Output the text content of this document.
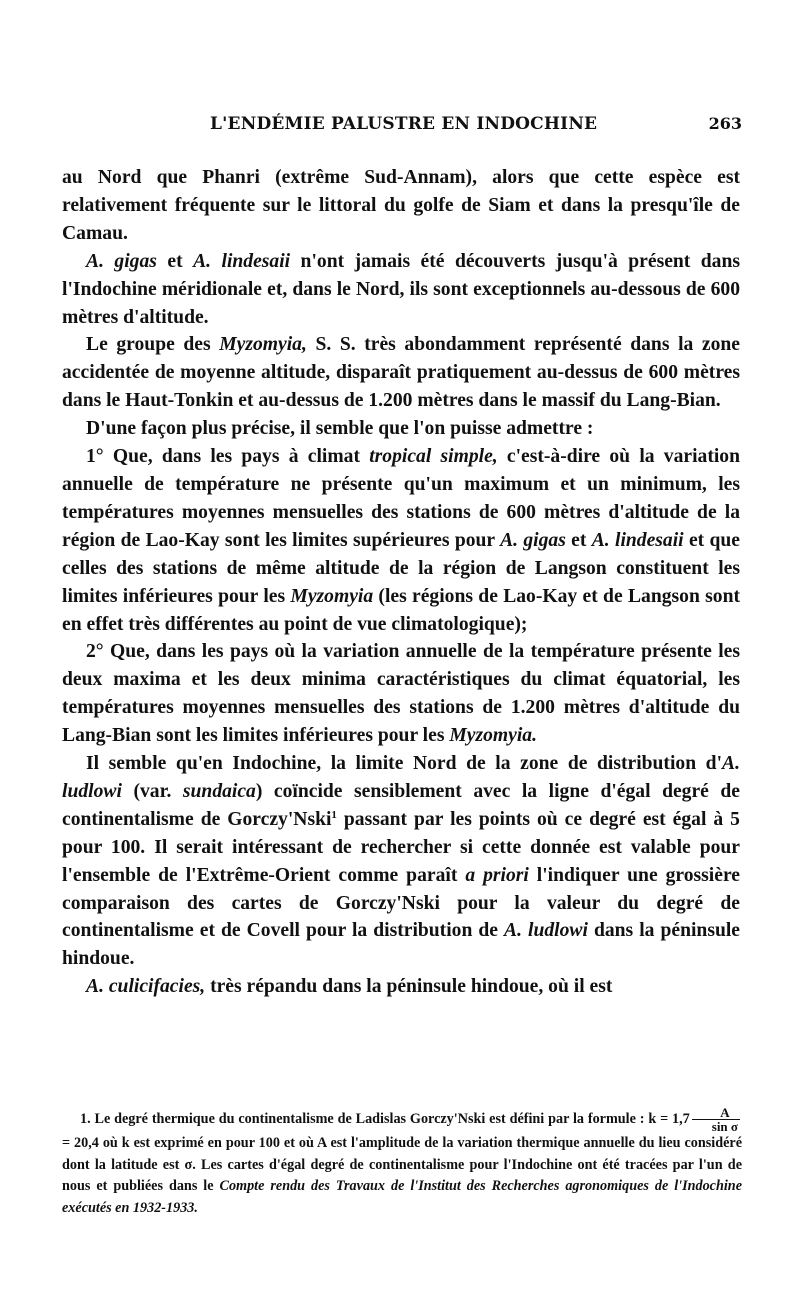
L'ENDÉMIE PALUSTRE EN INDOCHINE	263

au Nord que Phanri (extrême Sud-Annam), alors que cette espèce est relativement fréquente sur le littoral du golfe de Siam et dans la presqu'île de Camau.

A. gigas et A. lindesaii n'ont jamais été découverts jusqu'à présent dans l'Indochine méridionale et, dans le Nord, ils sont exceptionnels au-dessous de 600 mètres d'altitude.

Le groupe des Myzomyia, S. S. très abondamment représenté dans la zone accidentée de moyenne altitude, disparaît pratiquement au-dessus de 600 mètres dans le Haut-Tonkin et au-dessus de 1.200 mètres dans le massif du Lang-Bian.

D'une façon plus précise, il semble que l'on puisse admettre :

1° Que, dans les pays à climat tropical simple, c'est-à-dire où la variation annuelle de température ne présente qu'un maximum et un minimum, les températures moyennes mensuelles des stations de 600 mètres d'altitude de la région de Lao-Kay sont les limites supérieures pour A. gigas et A. lindesaii et que celles des stations de même altitude de la région de Langson constituent les limites inférieures pour les Myzomyia (les régions de Lao-Kay et de Langson sont en effet très différentes au point de vue climatologique);

2° Que, dans les pays où la variation annuelle de la température présente les deux maxima et les deux minima caractéristiques du climat équatorial, les températures moyennes mensuelles des stations de 1.200 mètres d'altitude du Lang-Bian sont les limites inférieures pour les Myzomyia.

Il semble qu'en Indochine, la limite Nord de la zone de distribution d'A. ludlowi (var. sundaica) coïncide sensiblement avec la ligne d'égal degré de continentalisme de Gorczy'Nski$^1$ passant par les points où ce degré est égal à 5 pour 100. Il serait intéressant de rechercher si cette donnée est valable pour l'ensemble de l'Extrême-Orient comme paraît a priori l'indiquer une grossière comparaison des cartes de Gorczy'Nski pour la valeur du degré de continentalisme et de Covell pour la distribution de A. ludlowi dans la péninsule hindoue.

A. culicifacies, très répandu dans la péninsule hindoue, où il est

1. Le degré thermique du continentalisme de Ladislas Gorczy'Nski est défini par la formule : $k = 1,7 \frac{A}{\text{sin σ}}$
= 20,4 où k est exprimé en pour 100 et où A est l'amplitude de la variation thermique annuelle du lieu considéré dont la latitude est σ. Les cartes d'égal degré de continentalisme pour l'Indochine ont été tracées par l'un de nous et publiées dans le Compte rendu des Travaux de l'Institut des Recherches agronomiques de l'Indochine exécutés en 1932-1933.
